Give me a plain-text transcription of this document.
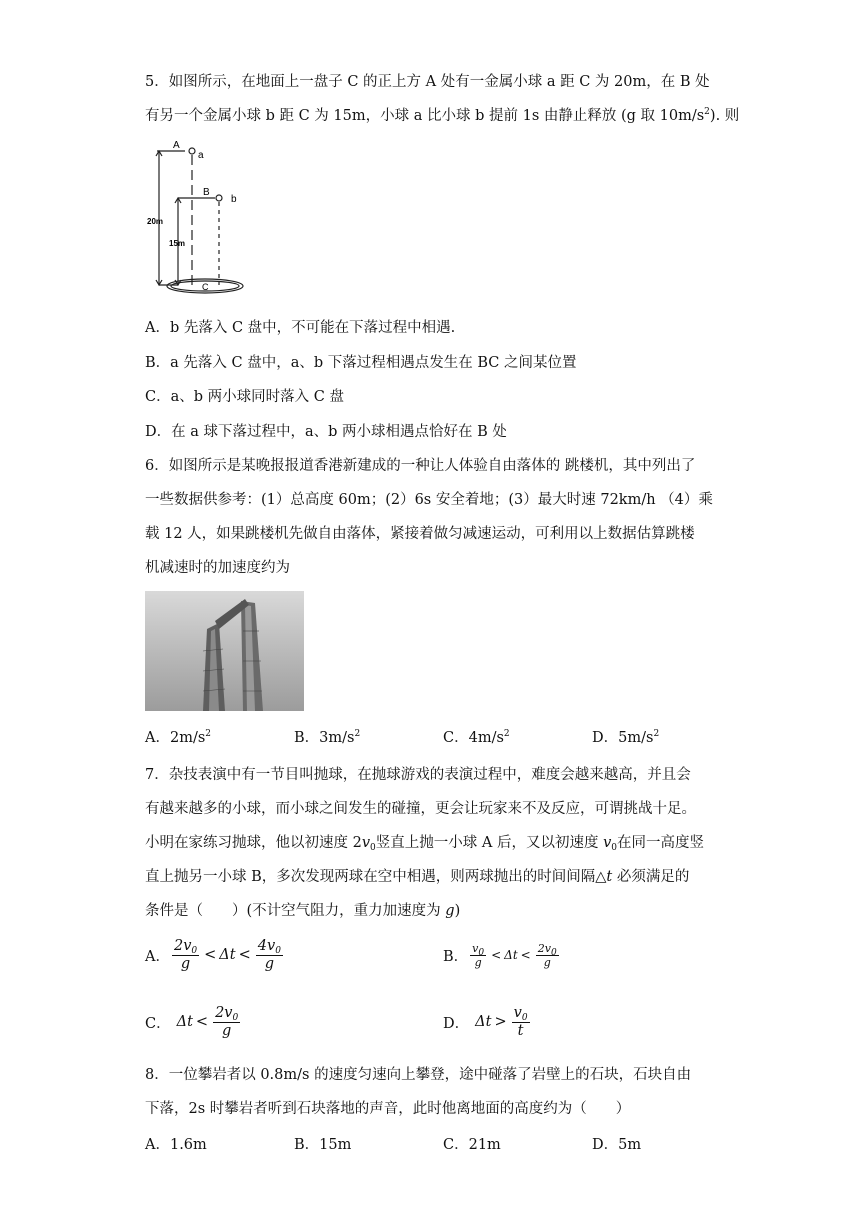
5．如图所示，在地面上一盘子 C 的正上方 A 处有一金属小球 a 距 C 为 20m，在 B 处
有另一个金属小球 b 距 C 为 15m，小球 a 比小球 b 提前 1s 由静止释放 (g 取 $10m/s^2$). 则
A
a
B
b
20m
15m
C
A．b 先落入 C 盘中，不可能在下落过程中相遇.
B．a 先落入 C 盘中，a、b 下落过程相遇点发生在 BC 之间某位置
C．a、b 两小球同时落入 C 盘
D．在 a 球下落过程中，a、b 两小球相遇点恰好在 B 处
6．如图所示是某晚报报道香港新建成的一种让人体验自由落体的 跳楼机，其中列出了
一些数据供参考：(1）总高度 60m；(2）6s 安全着地；(3）最大时速 72km/h （4）乘
载 12 人，如果跳楼机先做自由落体，紧接着做匀减速运动，可利用以上数据估算跳楼
机减速时的加速度约为
A．$2m/s^2$	B．$3m/s^2$	C．$4m/s^2$	D．$5m/s^2$
7．杂技表演中有一节目叫抛球，在抛球游戏的表演过程中，难度会越来越高，并且会
有越来越多的小球，而小球之间发生的碰撞，更会让玩家来不及反应，可谓挑战十足。
小明在家练习抛球，他以初速度 $2v_0$竖直上抛一小球 A 后，又以初速度 $v_0$在同一高度竖
直上抛另一小球 B，多次发现两球在空中相遇，则两球抛出的时间间隔△t 必须满足的
条件是（　　）(不计空气阻力，重力加速度为 g)
A． $\frac{2v_0}{g} < \Delta t < \frac{4v_0}{g}$	B． $\frac{v_0}{g} < \Delta t < \frac{2v_0}{g}$
C． $\Delta t < \frac{2v_0}{g}$	D． $\Delta t > \frac{v_0}{t}$
8．一位攀岩者以 0.8m/s 的速度匀速向上攀登，途中碰落了岩壁上的石块，石块自由
下落，2s 时攀岩者听到石块落地的声音，此时他离地面的高度约为（　　）
A．1.6m	B．15m	C．21m	D．5m
